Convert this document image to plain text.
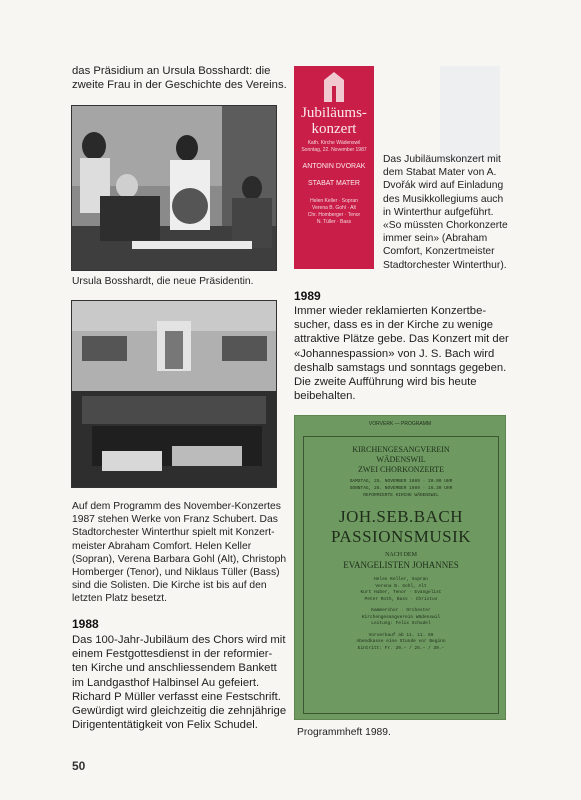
das Präsidium an Ursula Bosshardt: die
zweite Frau in der Geschichte des Vereins.
Ursula Bosshardt, die neue Präsidentin.
Auf dem Programm des November-Konzertes
1987 stehen Werke von Franz Schubert. Das
Stadtorchester Winterthur spielt mit Konzert-
meister Abraham Comfort. Helen Keller
(Sopran), Verena Barbara Gohl (Alt), Christoph
Homberger (Tenor), und Niklaus Tüller (Bass)
sind die Solisten. Die Kirche ist bis auf den
letzten Platz besetzt.
1988
Das 100-Jahr-Jubiläum des Chors wird mit
einem Festgottesdienst in der reformier-
ten Kirche und anschliessendem Bankett
im Landgasthof Halbinsel Au gefeiert.
Richard P Müller verfasst eine Festschrift.
Gewürdigt wird gleichzeitig die zehnjährige
Dirigententätigkeit von Felix Schudel.
50
Jubiläums-
konzert
Kath. Kirche Wädenswil
Sonntag, 22. November 1987
ANTONIN DVORAK
STABAT MATER
Helen Keller · Sopran
Verena B. Gohl · Alt
Chr. Homberger · Tenor
N. Tüller · Bass
Das Jubiläumskonzert mit
dem Stabat Mater von A.
Dvořák wird auf Einladung
des Musikkollegiums auch
in Winterthur aufgeführt.
«So müssten Chorkonzerte
immer sein» (Abraham
Comfort, Konzertmeister
Stadtorchester Winterthur).
1989
Immer wieder reklamierten Konzertbe-
sucher, dass es in der Kirche zu wenige
attraktive Plätze gebe. Das Konzert mit der
«Johannespassion» von J. S. Bach wird
deshalb samstags und sonntags gegeben.
Die zweite Aufführung wird bis heute
beibehalten.
VORVERK — PROGRAMM
KIRCHENGESANGVEREIN
WÄDENSWIL
ZWEI CHORKONZERTE
SAMSTAG, 25. NOVEMBER 1989 · 20.00 UHR
SONNTAG, 26. NOVEMBER 1989 · 16.30 UHR
REFORMIERTE KIRCHE WÄDENSWIL
JOH.SEB.BACH
PASSIONSMUSIK
NACH DEM
EVANGELISTEN JOHANNES
Helen Keller, Sopran
Verena B. Gohl, Alt
Kurt Huber, Tenor · Evangelist
Peter Roth, Bass · Christus
Kammerchor · Orchester
Kirchengesangverein Wädenswil
Leitung: Felix Schudel
Vorverkauf ab 11. 11. 89
Abendkasse eine Stunde vor Beginn
Eintritt: Fr. 20.– / 25.– / 30.–
Programmheft 1989.
